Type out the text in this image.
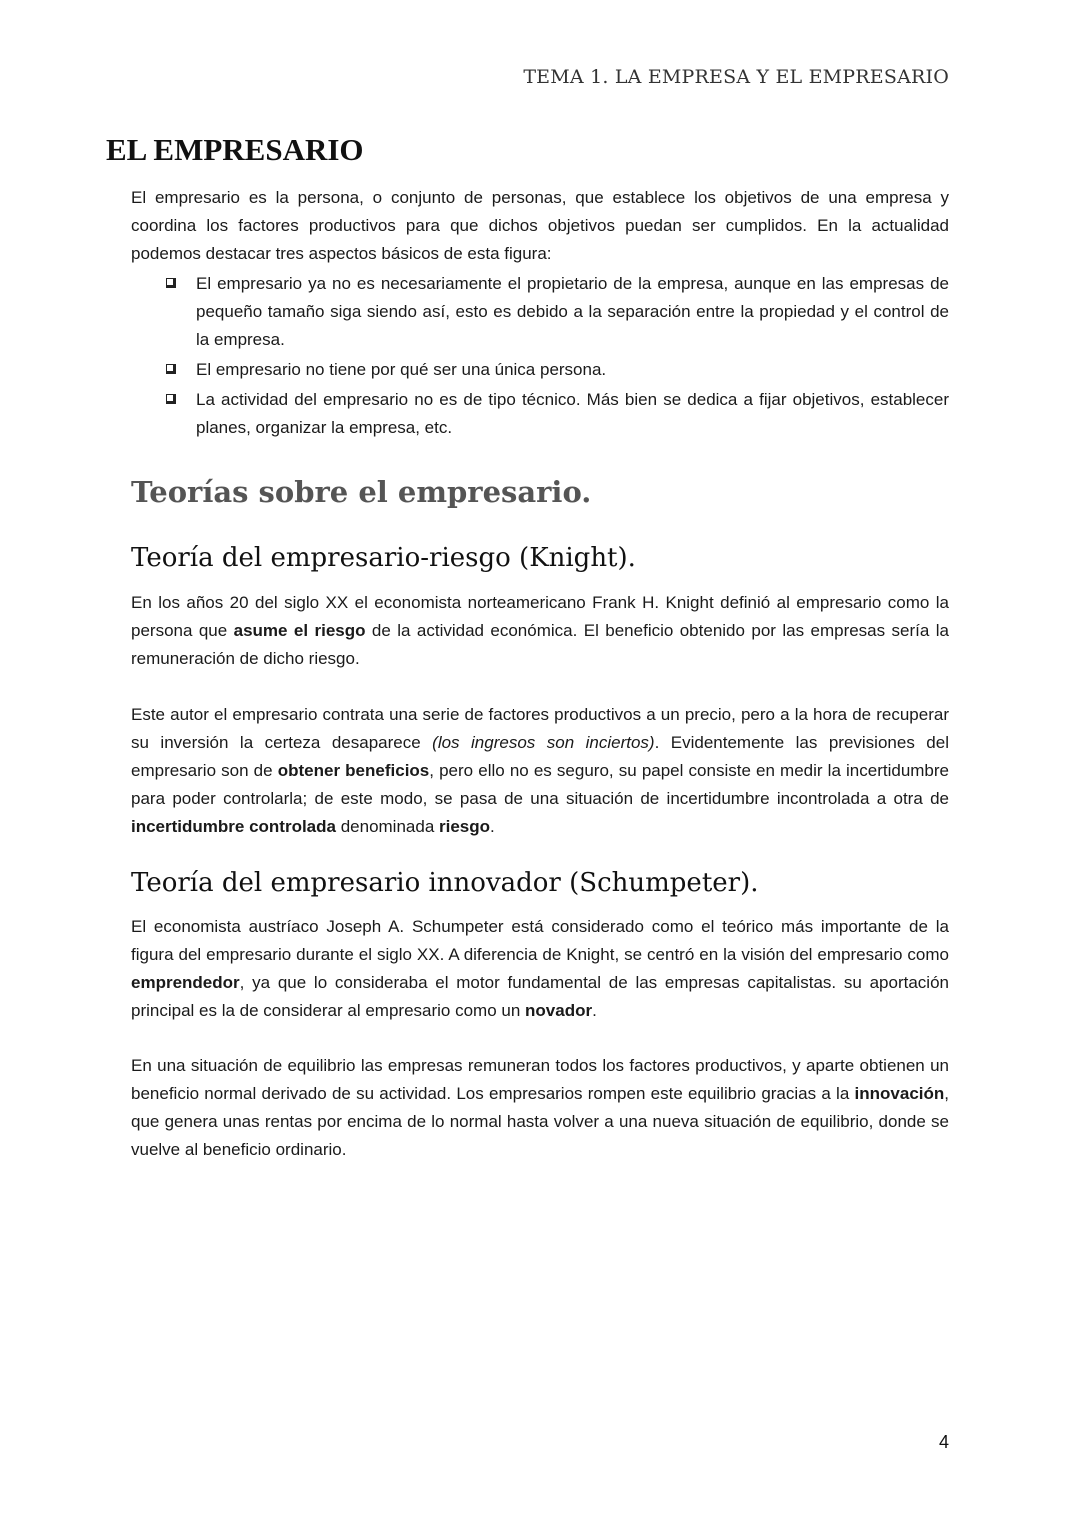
TEMA 1. LA EMPRESA Y EL EMPRESARIO
EL EMPRESARIO

El empresario es la persona, o conjunto de personas, que establece los objetivos de una empresa y coordina los factores productivos para que dichos objetivos puedan ser cumplidos. En la actualidad podemos destacar tres aspectos básicos de esta figura:

El empresario ya no es necesariamente el propietario de la empresa, aunque en las empresas de pequeño tamaño siga siendo así, esto es debido a la separación entre la propiedad y el control de la empresa.
El empresario no tiene por qué ser una única persona.
La actividad del empresario no es de tipo técnico. Más bien se dedica a fijar objetivos, establecer planes, organizar la empresa, etc.
Teorías sobre el empresario.
Teoría del empresario-riesgo (Knight).

En los años 20 del siglo XX el economista norteamericano Frank H. Knight definió al empresario como la persona que asume el riesgo de la actividad económica. El beneficio obtenido por las empresas sería la remuneración de dicho riesgo.

Este autor el empresario contrata una serie de factores productivos a un precio, pero a la hora de recuperar su inversión la certeza desaparece (los ingresos son inciertos). Evidentemente las previsiones del empresario son de obtener beneficios, pero ello no es seguro, su papel consiste en medir la incertidumbre para poder controlarla; de este modo, se pasa de una situación de incertidumbre incontrolada a otra de incertidumbre controlada denominada riesgo.

Teoría del empresario innovador (Schumpeter).

El economista austríaco Joseph A. Schumpeter está considerado como el teórico más importante de la figura del empresario durante el siglo XX. A diferencia de Knight, se centró en la visión del empresario como emprendedor, ya que lo consideraba el motor fundamental de las empresas capitalistas. su aportación principal es la de considerar al empresario como un novador.

En una situación de equilibrio las empresas remuneran todos los factores productivos, y aparte obtienen un beneficio normal derivado de su actividad. Los empresarios rompen este equilibrio gracias a la innovación, que genera unas rentas por encima de lo normal hasta volver a una nueva situación de equilibrio, donde se vuelve al beneficio ordinario.

4
